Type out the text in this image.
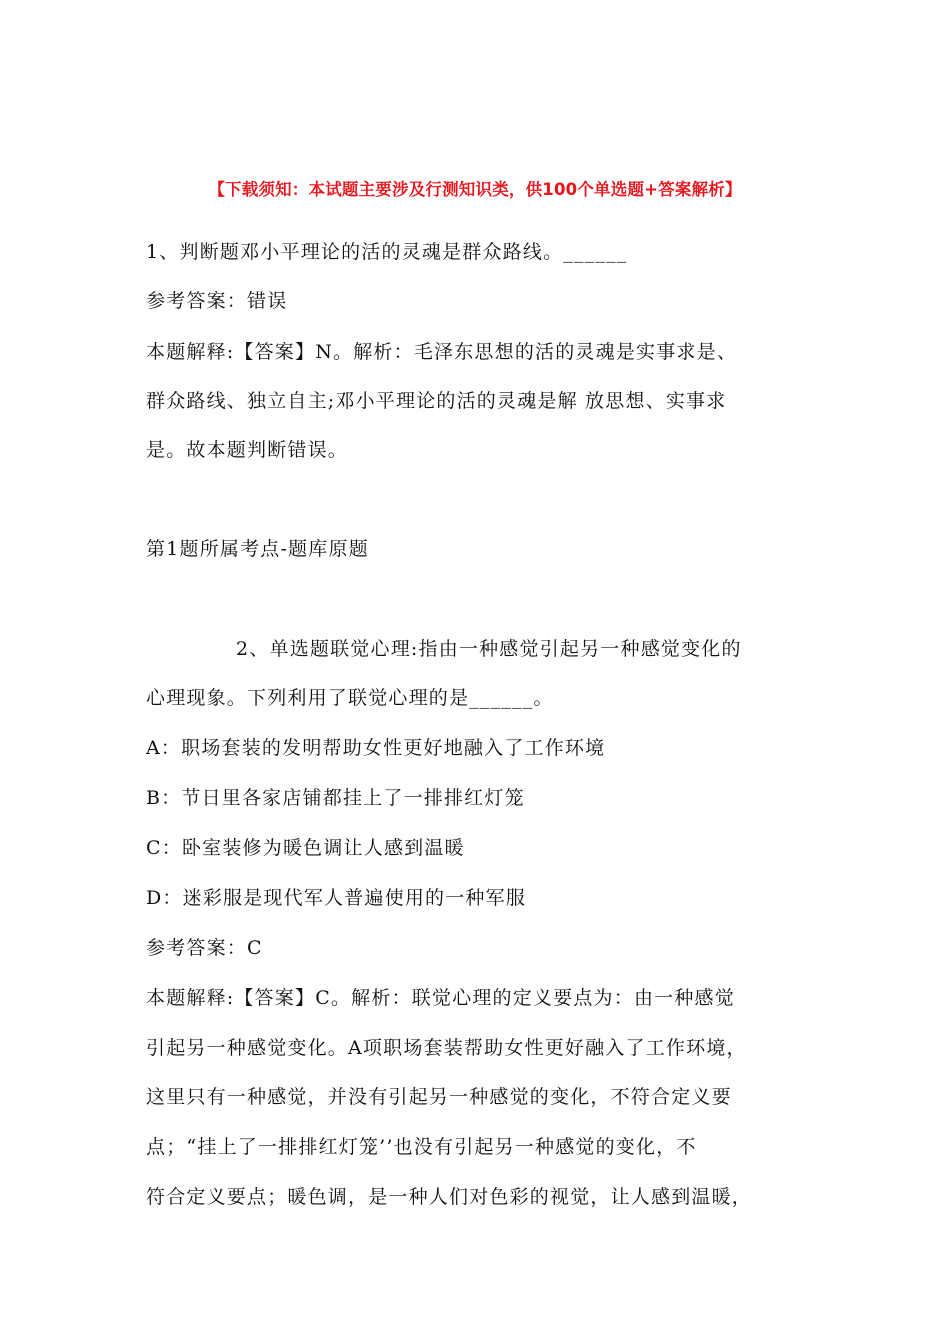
【下载须知：本试题主要涉及行测知识类，供100个单选题+答案解析】
1、判断题邓小平理论的活的灵魂是群众路线。______
参考答案：错误
本题解释:【答案】N。解析：毛泽东思想的活的灵魂是实事求是、
群众路线、独立自主;邓小平理论的活的灵魂是解 放思想、实事求
是。故本题判断错误。
第1题所属考点-题库原题
2、单选题联觉心理:指由一种感觉引起另一种感觉变化的
心理现象。下列利用了联觉心理的是______。
A：职场套装的发明帮助女性更好地融入了工作环境
B：节日里各家店铺都挂上了一排排红灯笼
C：卧室装修为暖色调让人感到温暖
D：迷彩服是现代军人普遍使用的一种军服
参考答案：C
本题解释:【答案】C。解析：联觉心理的定义要点为：由一种感觉
引起另一种感觉变化。A项职场套装帮助女性更好融入了工作环境，
这里只有一种感觉，并没有引起另一种感觉的变化，不符合定义要
点；“挂上了一排排红灯笼’’也没有引起另一种感觉的变化，不
符合定义要点；暖色调，是一种人们对色彩的视觉，让人感到温暖，
